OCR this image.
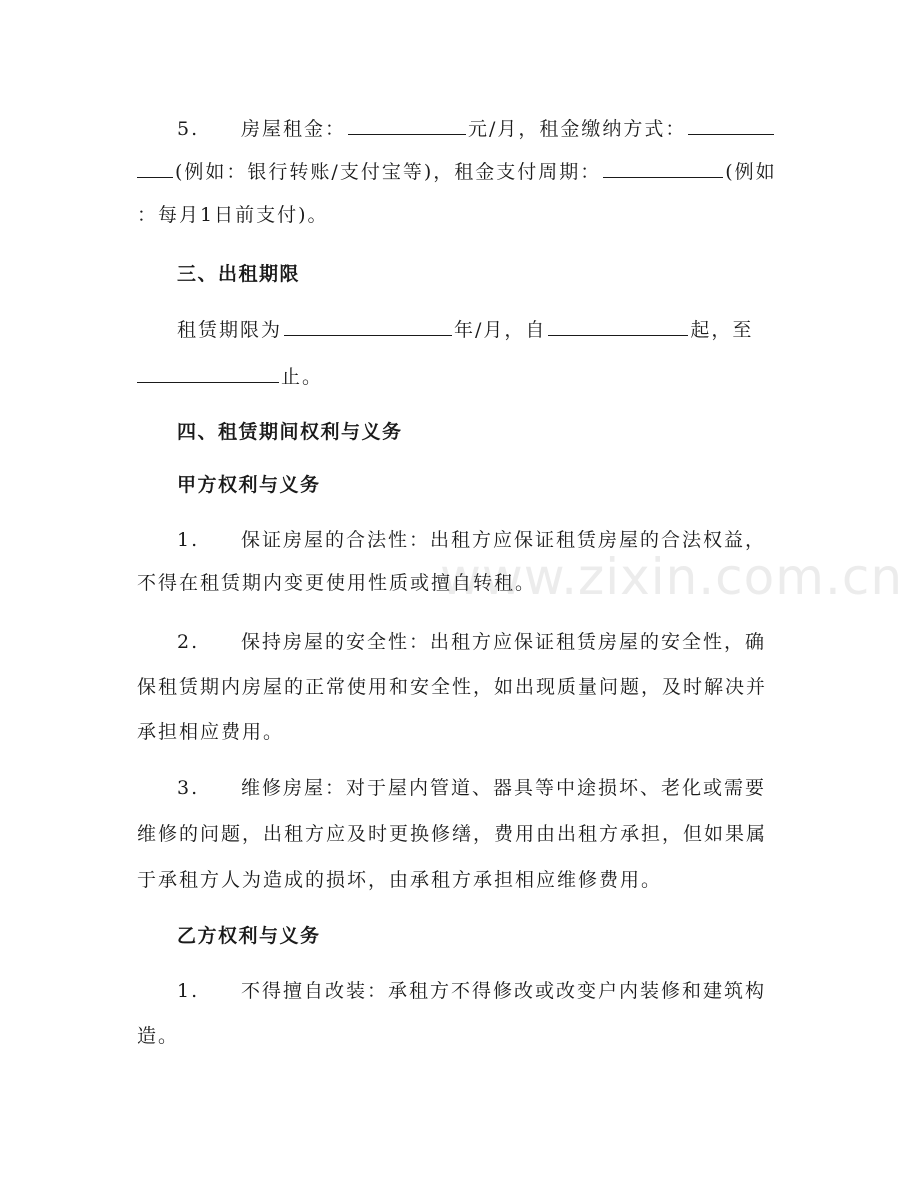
www.zixin.com.cn
5. 房屋租金：	元/月，租金缴纳方式：
(例如：银行转账/支付宝等)，租金支付周期：	(例如
：每月1日前支付)。
三、出租期限
租赁期限为	年/月，自	起，至
止。
四、租赁期间权利与义务
甲方权利与义务
1. 保证房屋的合法性：出租方应保证租赁房屋的合法权益，
不得在租赁期内变更使用性质或擅自转租。
2. 保持房屋的安全性：出租方应保证租赁房屋的安全性，确
保租赁期内房屋的正常使用和安全性，如出现质量问题，及时解决并
承担相应费用。
3. 维修房屋：对于屋内管道、器具等中途损坏、老化或需要
维修的问题，出租方应及时更换修缮，费用由出租方承担，但如果属
于承租方人为造成的损坏，由承租方承担相应维修费用。
乙方权利与义务
1. 不得擅自改装：承租方不得修改或改变户内装修和建筑构
造。
